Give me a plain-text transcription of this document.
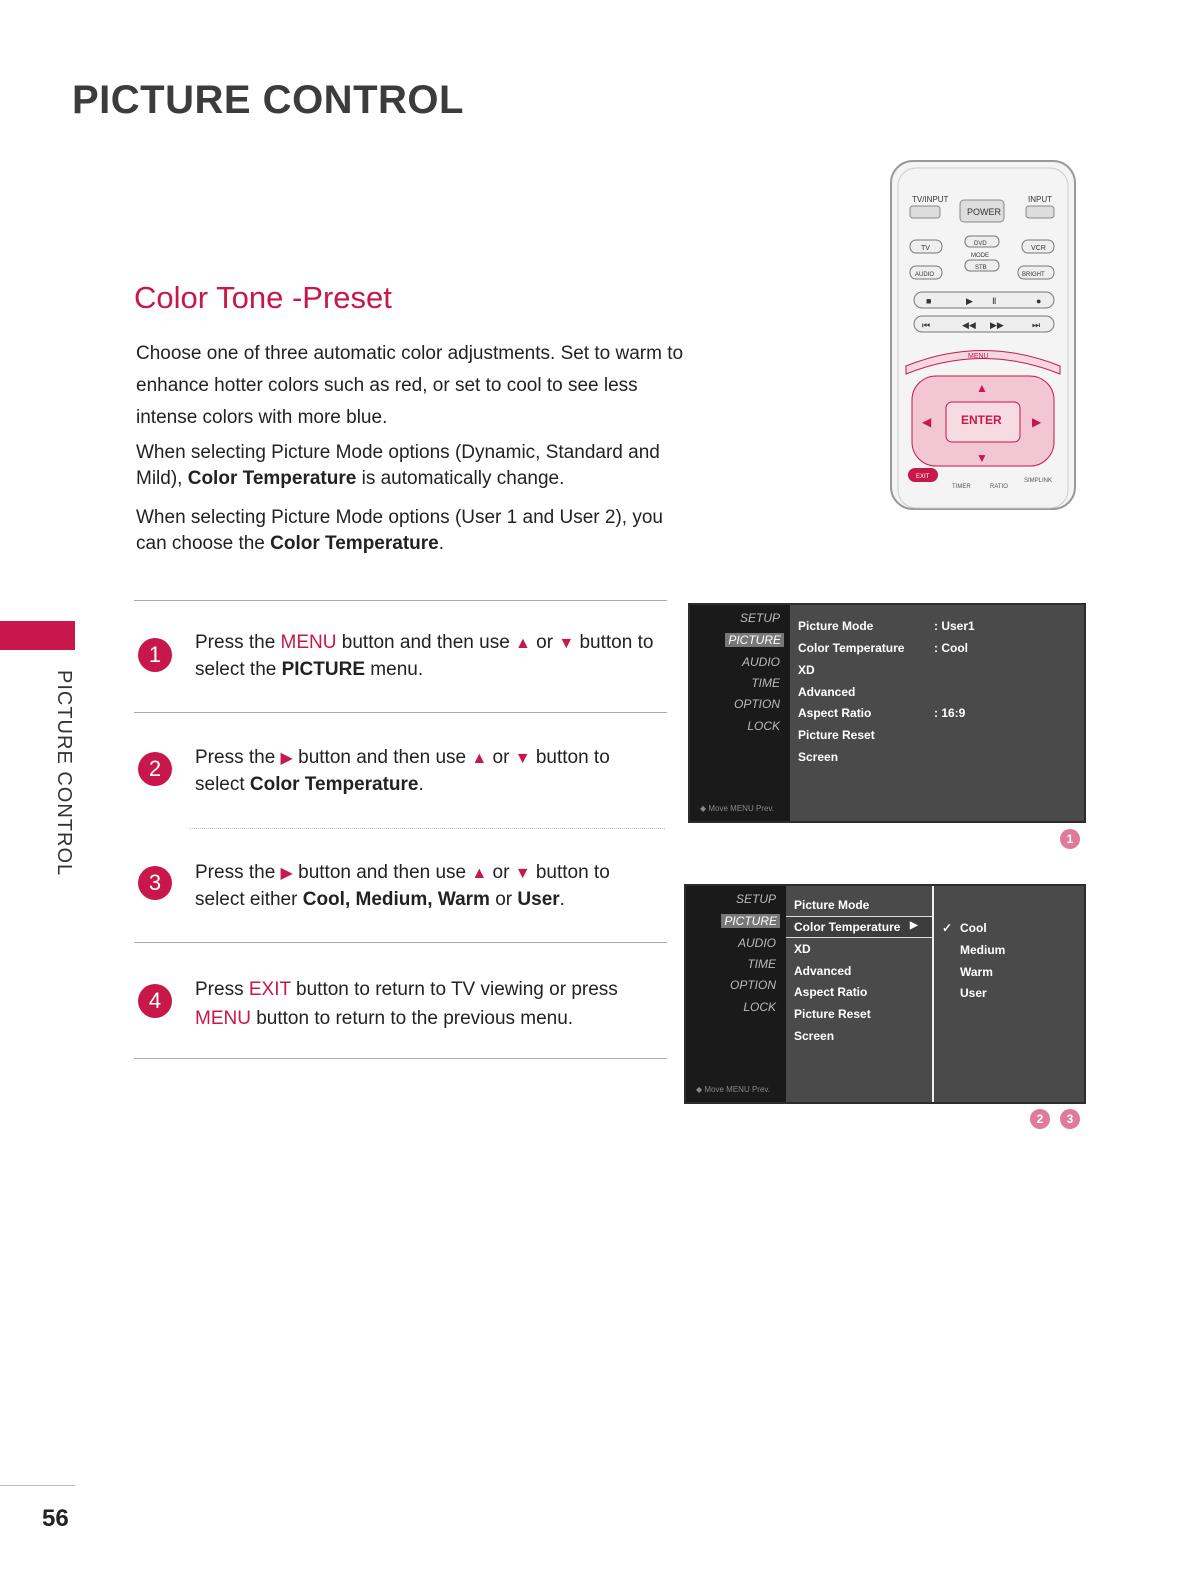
PICTURE CONTROL
Color Tone -Preset
Choose one of three automatic color adjustments. Set to warm to enhance hotter colors such as red, or set to cool to see less intense colors with more blue.
When selecting Picture Mode options (Dynamic, Standard and Mild), Color Temperature is automatically change.
When selecting Picture Mode options (User 1 and User 2), you can choose the Color Temperature.
PICTURE CONTROL
56
1	Press the MENU button and then use ▲ or ▼ button to select the PICTURE menu.
2	Press the ▶ button and then use ▲ or ▼ button to select Color Temperature.
3	Press the ▶ button and then use ▲ or ▼ button to select either Cool, Medium, Warm or User.
4	Press EXIT button to return to TV viewing or press MENU button to return to the previous menu.
SETUP
PICTURE
AUDIO
TIME
OPTION
LOCK
◆ Move MENU Prev.
Picture Mode	: User1
Color Temperature : Cool
XD
Advanced
Aspect Ratio	: 16:9
Picture Reset
Screen
1
SETUP
PICTURE
AUDIO
TIME
OPTION
LOCK
◆ Move MENU Prev.
Picture Mode
Color Temperature ▶
XD
Advanced
Aspect Ratio
Picture Reset
Screen
✓ Cool
Medium
Warm
User
2	3
TV/INPUT
POWER
INPUT
TV
DVD
MODE
VCR
AUDIO
STB
BRIGHT
■	▶ Ⅱ	●
⏮	◀◀ ▶▶	⏭
MENU
ENTER
▲
▼
◀	▶
EXIT
TIMER	RATIO
SIMPLINK
